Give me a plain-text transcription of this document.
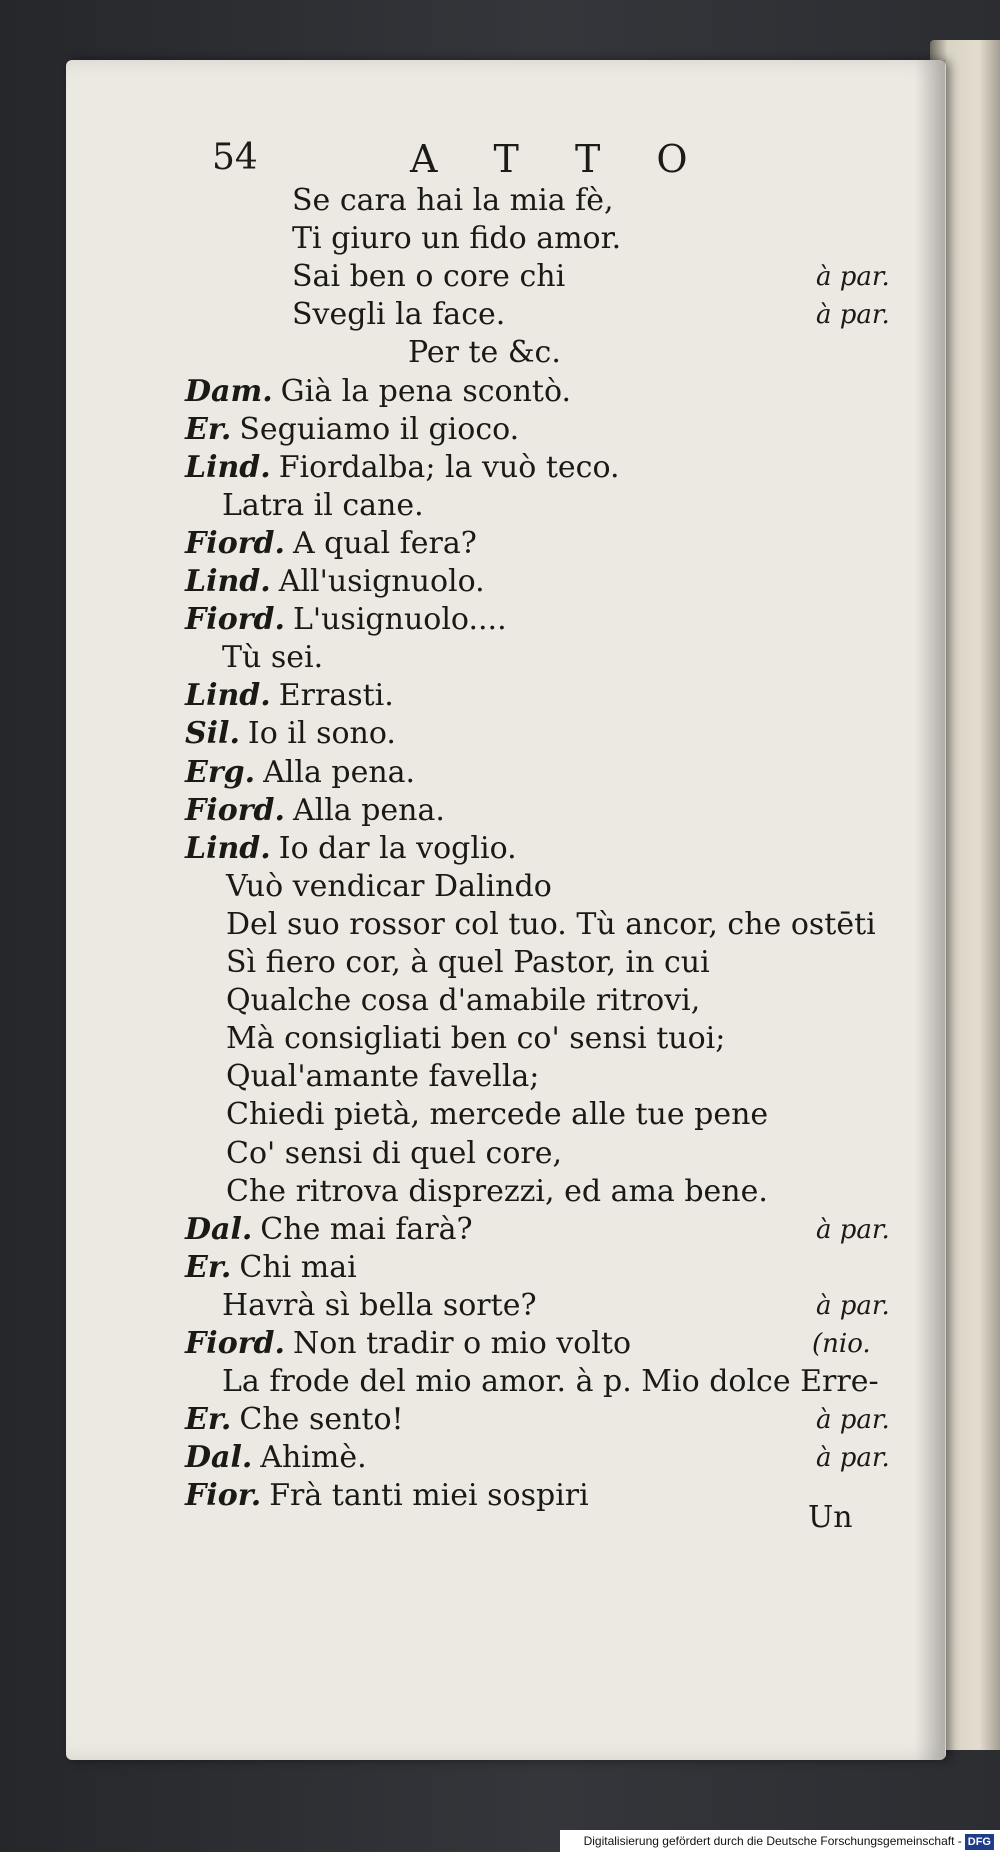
54	A T T O
Se cara hai la mia fè,
Ti giuro un fido amor.
Sai ben o core chi
Svegli la face.
Per te &c.
Dam. Già la pena scontò.
Er. Seguiamo il gioco.
Lind. Fiordalba; la vuò teco.
Latra il cane.
Fiord. A qual fera?
Lind. All'usignuolo.
Fiord. L'usignuolo....
Tù sei.
Lind. Errasti.
Sil. Io il sono.
Erg. Alla pena.
Fiord. Alla pena.
Lind. Io dar la voglio.
Vuò vendicar Dalindo
Del suo rossor col tuo. Tù ancor, che ostēti
Sì fiero cor, à quel Pastor, in cui
Qualche cosa d'amabile ritrovi,
Mà consigliati ben co' sensi tuoi;
Qual'amante favella;
Chiedi pietà, mercede alle tue pene
Co' sensi di quel core,
Che ritrova disprezzi, ed ama bene.
Dal. Che mai farà?
Er. Chi mai
Havrà sì bella sorte?
Fiord. Non tradir o mio volto
La frode del mio amor. à p. Mio dolce Erre-
Er. Che sento!
Dal. Ahimè.
Fior. Frà tanti miei sospiri
à par.
à par.
à par.
à par.
(nio.
à par.
à par.
Un
Digitalisierung gefördert durch die Deutsche Forschungsgemeinschaft - DFG
